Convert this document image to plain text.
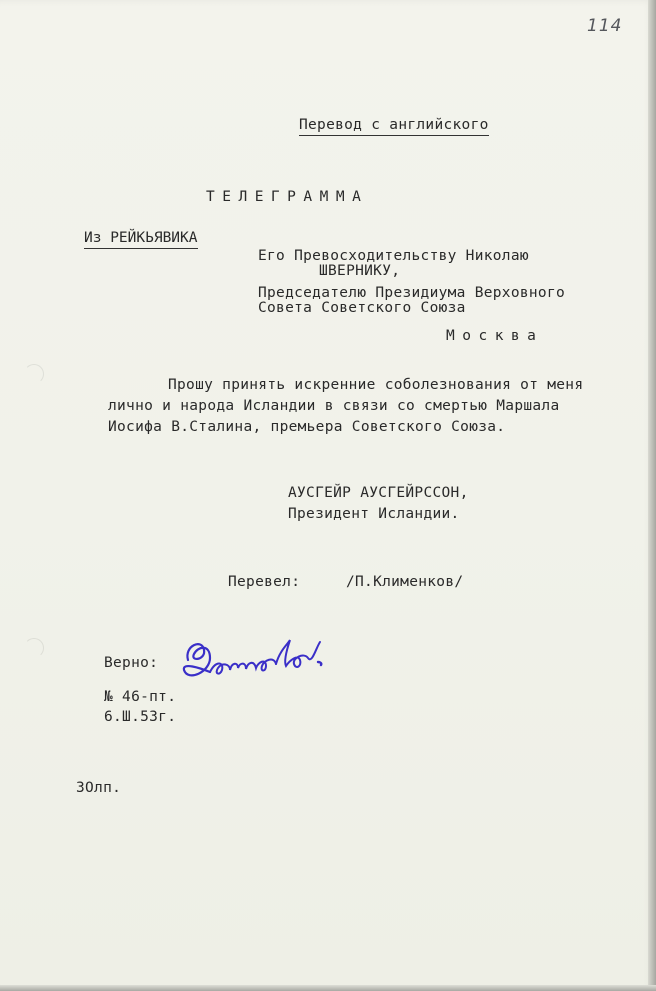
114
Перевод с английского
ТЕЛЕГРАММА
Из РЕЙКЬЯВИКА
Его Превосходительству Николаю
ШВЕРНИКУ,
Председателю Президиума Верховного
Совета Советского Союза
Москва
Прошу принять искренние соболезнования от меня
лично и народа Исландии в связи со смертью Маршала
Иосифа В.Сталина, премьера Советского Союза.
АУСГЕЙР АУСГЕЙРССОН,
Президент Исландии.
Перевел:	/П.Клименков/
Верно:
№ 46-пт.
6.Ш.53г.
3Олп.
